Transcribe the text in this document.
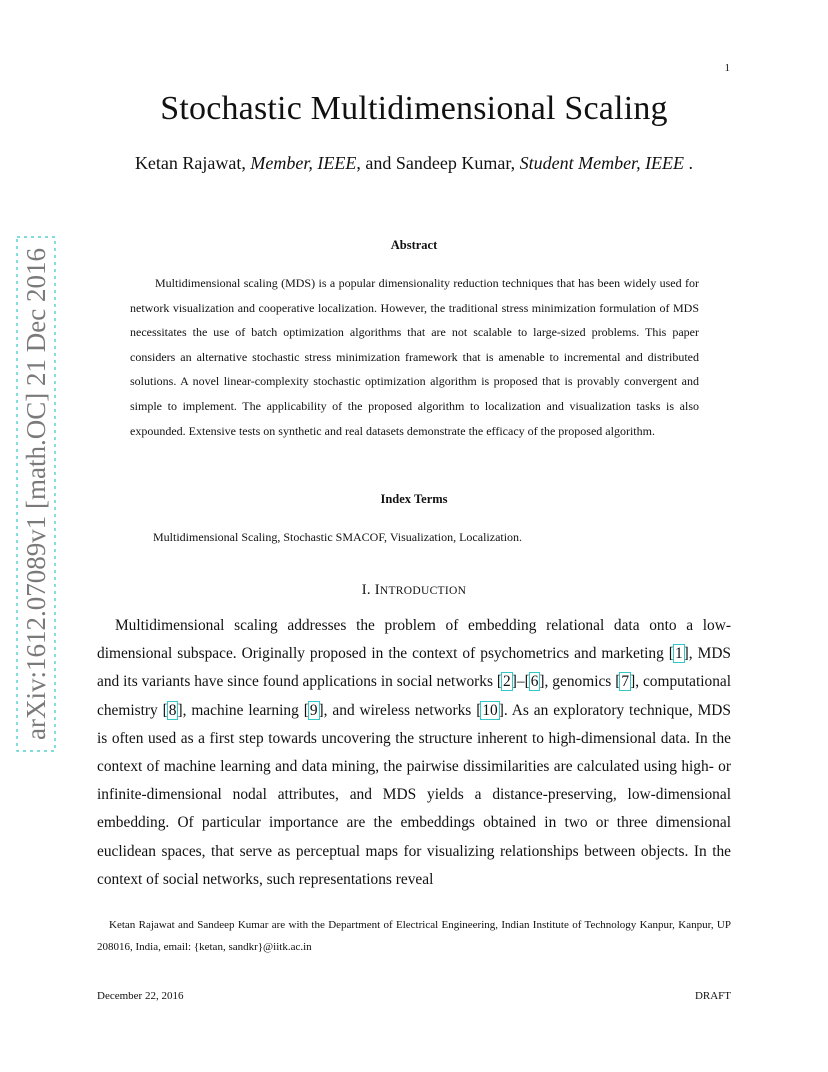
1
arXiv:1612.07089v1 [math.OC] 21 Dec 2016
Stochastic Multidimensional Scaling
Ketan Rajawat, Member, IEEE, and Sandeep Kumar, Student Member, IEEE .
Abstract

Multidimensional scaling (MDS) is a popular dimensionality reduction techniques that has been widely used for network visualization and cooperative localization. However, the traditional stress minimization formulation of MDS necessitates the use of batch optimization algorithms that are not scalable to large-sized problems. This paper considers an alternative stochastic stress minimization framework that is amenable to incremental and distributed solutions. A novel linear-complexity stochastic optimization algorithm is proposed that is provably convergent and simple to implement. The applicability of the proposed algorithm to localization and visualization tasks is also expounded. Extensive tests on synthetic and real datasets demonstrate the efficacy of the proposed algorithm.

Index Terms

Multidimensional Scaling, Stochastic SMACOF, Visualization, Localization.

I. INTRODUCTION

Multidimensional scaling addresses the problem of embedding relational data onto a low-dimensional subspace. Originally proposed in the context of psychometrics and marketing [1], MDS and its variants have since found applications in social networks [2]–[6], genomics [7], computational chemistry [8], machine learning [9], and wireless networks [10]. As an exploratory technique, MDS is often used as a first step towards uncovering the structure inherent to high-dimensional data. In the context of machine learning and data mining, the pairwise dissimilarities are calculated using high- or infinite-dimensional nodal attributes, and MDS yields a distance-preserving, low-dimensional embedding. Of particular importance are the embeddings obtained in two or three dimensional euclidean spaces, that serve as perceptual maps for visualizing relationships between objects. In the context of social networks, such representations reveal

Ketan Rajawat and Sandeep Kumar are with the Department of Electrical Engineering, Indian Institute of Technology Kanpur, Kanpur, UP 208016, India, email: {ketan, sandkr}@iitk.ac.in

December 22, 2016	DRAFT
